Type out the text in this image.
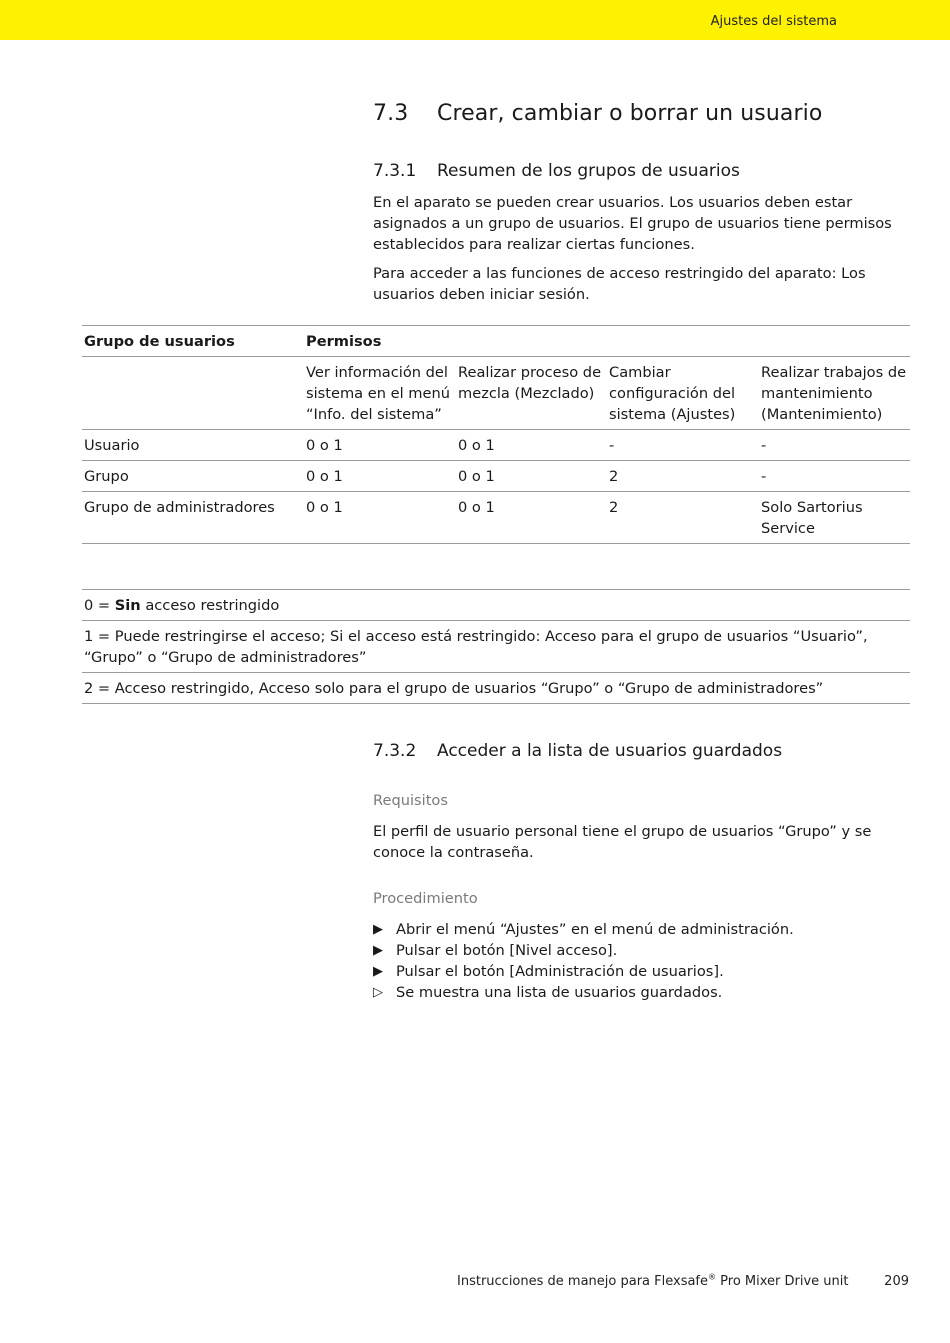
Ajustes del sistema
7.3 Crear, cambiar o borrar un usuario
7.3.1 Resumen de los grupos de usuarios

En el aparato se pueden crear usuarios. Los usuarios deben estar asignados a un grupo de usuarios. El grupo de usuarios tiene permisos establecidos para realizar ciertas funciones.

Para acceder a las funciones de acceso restringido del aparato: Los usuarios deben iniciar sesión.

Grupo de usuarios	Permisos			
	Ver información del sistema en el menú “Info. del sistema”	Realizar proceso de mezcla (Mezclado)	Cambiar configuración del sistema (Ajustes)	Realizar trabajos de mantenimiento (Mantenimiento)
Usuario	0 o 1	0 o 1	-	-
Grupo	0 o 1	0 o 1	2	-
Grupo de administradores	0 o 1	0 o 1	2	Solo Sartorius Service
0 = Sin acceso restringido
1 = Puede restringirse el acceso; Si el acceso está restringido: Acceso para el grupo de usuarios “Usuario”, “Grupo” o “Grupo de administradores”
2 = Acceso restringido, Acceso solo para el grupo de usuarios “Grupo” o “Grupo de administradores”
7.3.2 Acceder a la lista de usuarios guardados

Requisitos

El perfil de usuario personal tiene el grupo de usuarios “Grupo” y se conoce la contraseña.

Procedimiento

▶ Abrir el menú “Ajustes” en el menú de administración.
▶ Pulsar el botón [Nivel acceso].
▶ Pulsar el botón [Administración de usuarios].
▷ Se muestra una lista de usuarios guardados.
Instrucciones de manejo para Flexsafe® Pro Mixer Drive unit	209
